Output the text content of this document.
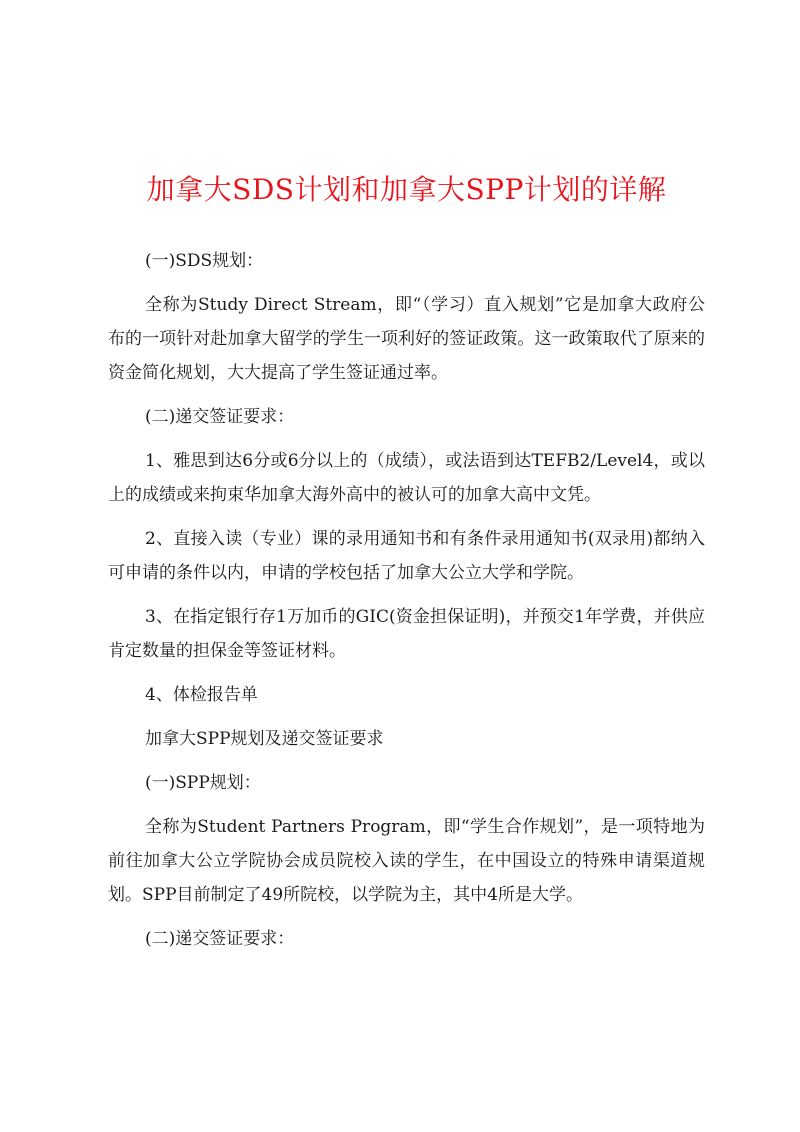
加拿大SDS计划和加拿大SPP计划的详解

(一)SDS规划：

全称为Study Direct Stream，即“（学习）直入规划”它是加拿大政府公布的一项针对赴加拿大留学的学生一项利好的签证政策。这一政策取代了原来的资金简化规划，大大提高了学生签证通过率。

(二)递交签证要求：

1、雅思到达6分或6分以上的（成绩），或法语到达TEFB2/Level4，或以上的成绩或来拘束华加拿大海外高中的被认可的加拿大高中文凭。

2、直接入读（专业）课的录用通知书和有条件录用通知书(双录用)都纳入可申请的条件以内，申请的学校包括了加拿大公立大学和学院。

3、在指定银行存1万加币的GIC(资金担保证明)，并预交1年学费，并供应肯定数量的担保金等签证材料。

4、体检报告单

加拿大SPP规划及递交签证要求

(一)SPP规划：

全称为Student Partners Program，即“学生合作规划”，是一项特地为前往加拿大公立学院协会成员院校入读的学生，在中国设立的特殊申请渠道规划。SPP目前制定了49所院校，以学院为主，其中4所是大学。

(二)递交签证要求：
